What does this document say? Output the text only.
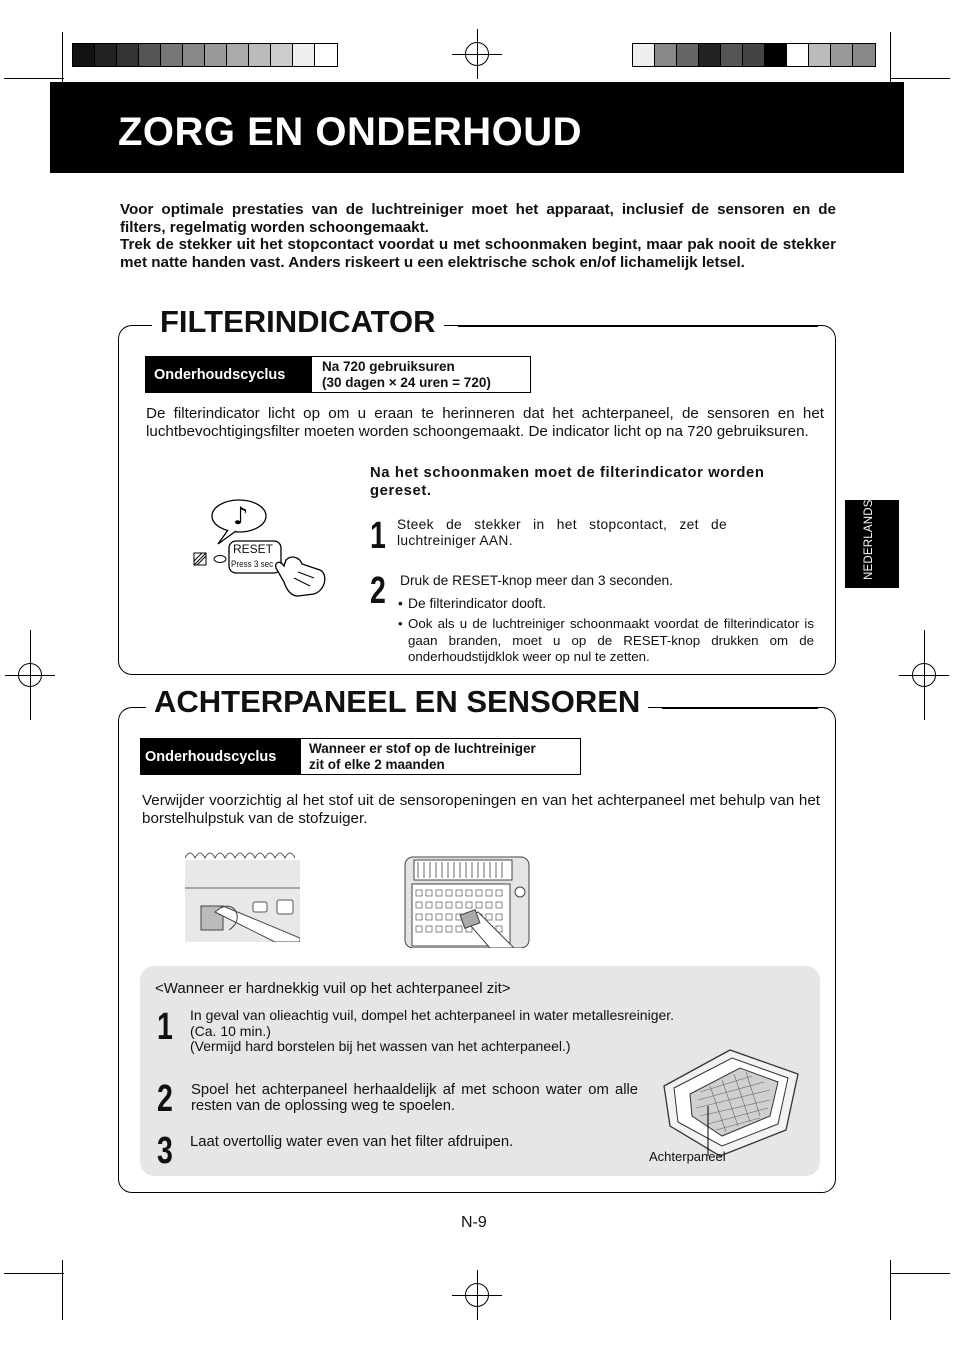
ZORG EN ONDERHOUD

Voor optimale prestaties van de luchtreiniger moet het apparaat, inclusief de sensoren en de filters, regelmatig worden schoongemaakt.

Trek de stekker uit het stopcontact voordat u met schoonmaken begint, maar pak nooit de stekker met natte handen vast. Anders riskeert u een elektrische schok en/of lichamelijk letsel.

NEDERLANDS
FILTERINDICATOR
Onderhoudscyclus	Na 720 gebruiksuren
(30 dagen × 24 uren = 720)

De filterindicator licht op om u eraan te herinneren dat het achterpaneel, de sensoren en het luchtbevochtigingsfilter moeten worden schoongemaakt. De indicator licht op na 720 gebruiksuren.

Na het schoonmaken moet de filterindicator worden gereset.

♪
RESET
Press 3 sec
1 Steek de stekker in het stopcontact, zet de luchtreiniger AAN.

2 Druk de RESET-knop meer dan 3 seconden.

• De filterindicator dooft.
• Ook als u de luchtreiniger schoonmaakt voordat de filterindicator is gaan branden, moet u op de RESET-knop drukken om de onderhoudstijdklok weer op nul te zetten.
ACHTERPANEEL EN SENSOREN
Onderhoudscyclus	Wanneer er stof op de luchtreiniger
zit of elke 2 maanden

Verwijder voorzichtig al het stof uit de sensoropeningen en van het achterpaneel met behulp van het borstelhulpstuk van de stofzuiger.

<Wanneer er hardnekkig vuil op het achterpaneel zit>

1 In geval van olieachtig vuil, dompel het achterpaneel in water metallesreiniger.
(Ca. 10 min.)
(Vermijd hard borstelen bij het wassen van het achterpaneel.)
2 Spoel het achterpaneel herhaaldelijk af met schoon water om alle resten van de oplossing weg te spoelen.

3 Laat overtollig water even van het filter afdruipen.

Achterpaneel
N-9
